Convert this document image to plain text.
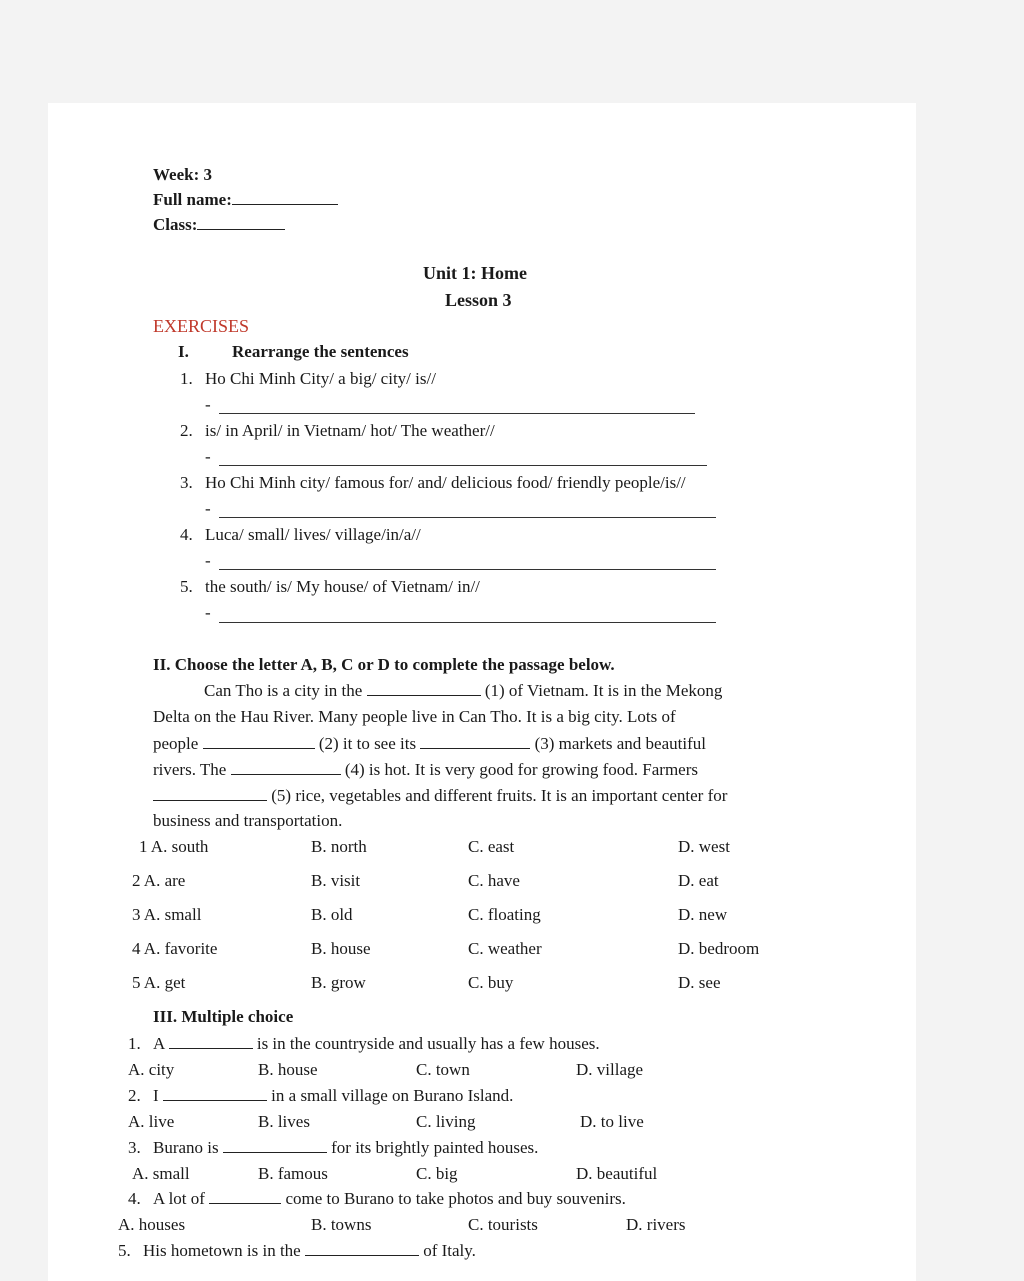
Week: 3
Full name:
Class:
Unit 1: Home
Lesson 3
EXERCISES
I.	Rearrange the sentences
1. Ho Chi Minh City/ a big/ city/ is//
-
2. is/ in April/ in Vietnam/ hot/ The weather//
-
3. Ho Chi Minh city/ famous for/ and/ delicious food/ friendly people/is//
-
4. Luca/ small/ lives/ village/in/a//
-
5. the south/ is/ My house/ of Vietnam/ in//
-
II. Choose the letter A, B, C or D to complete the passage below.
Can Tho is a city in the	(1) of Vietnam. It is in the Mekong
Delta on the Hau River. Many people live in Can Tho. It is a big city. Lots of
people	(2) it to see its	(3) markets and beautiful
rivers. The	(4) is hot. It is very good for growing food. Farmers
(5) rice, vegetables and different fruits. It is an important center for
business and transportation.
1 A. south	B. north	C. east	D. west
2 A. are	B. visit	C. have	D. eat
3 A. small	B. old	C. floating	D. new
4 A. favorite	B. house	C. weather	D. bedroom
5 A. get	B. grow	C. buy	D. see
III. Multiple choice
1. A	is in the countryside and usually has a few houses.
A. city	B. house	C. town	D. village
2. I	in a small village on Burano Island.
A. live	B. lives	C. living	D. to live
3. Burano is	for its brightly painted houses.
A. small	B. famous	C. big	D. beautiful
4. A lot of	come to Burano to take photos and buy souvenirs.
A. houses	B. towns	C. tourists	D. rivers
5. His hometown is in the	of Italy.
